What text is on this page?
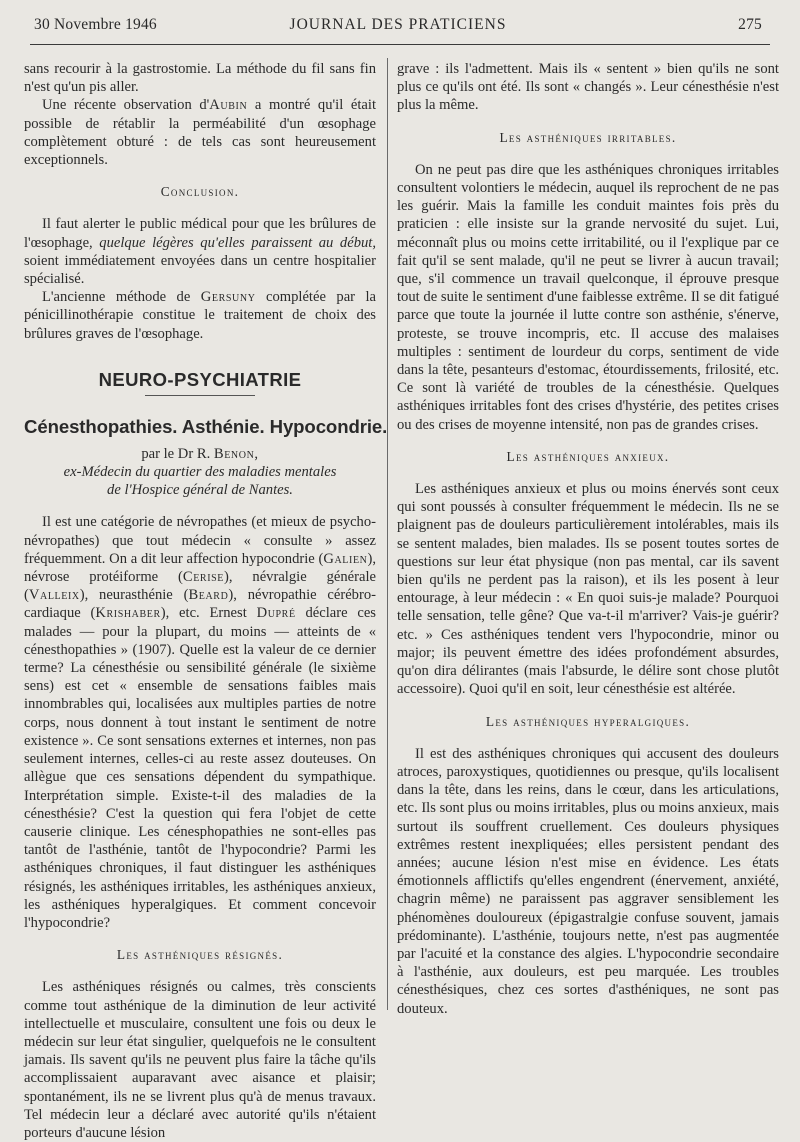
30 Novembre 1946	JOURNAL DES PRATICIENS	275

sans recourir à la gastrostomie. La méthode du fil sans fin n'est qu'un pis aller.

Une récente observation d'Aubin a montré qu'il était possible de rétablir la perméabilité d'un œsophage complètement obturé : de tels cas sont heureusement exceptionnels.

Conclusion.

Il faut alerter le public médical pour que les brûlures de l'œsophage, quelque légères qu'elles paraissent au début, soient immédiatement envoyées dans un centre hospitalier spécialisé.

L'ancienne méthode de Gersuny complétée par la pénicillinothérapie constitue le traitement de choix des brûlures graves de l'œsophage.

NEURO-PSYCHIATRIE

Cénesthopathies. Asthénie. Hypocondrie.

par le Dr R. Benon,

ex-Médecin du quartier des maladies mentales

de l'Hospice général de Nantes.

Il est une catégorie de névropathes (et mieux de psycho-névropathes) que tout médecin « consulte » assez fréquemment. On a dit leur affection hypocondrie (Galien), névrose protéiforme (Cerise), névralgie générale (Valleix), neurasthénie (Beard), névropathie cérébro-cardiaque (Krishaber), etc. Ernest Dupré déclare ces malades — pour la plupart, du moins — atteints de « cénesthopathies » (1907). Quelle est la valeur de ce dernier terme? La cénesthésie ou sensibilité générale (le sixième sens) est cet « ensemble de sensations faibles mais innombrables qui, localisées aux multiples parties de notre corps, nous donnent à tout instant le sentiment de notre existence ». Ce sont sensations externes et internes, non pas seulement internes, celles-ci au reste assez douteuses. On allègue que ces sensations dépendent du sympathique. Interprétation simple. Existe-t-il des maladies de la cénesthésie? C'est la question qui fera l'objet de cette causerie clinique. Les cénesphopathies ne sont-elles pas tantôt de l'asthénie, tantôt de l'hypocondrie? Parmi les asthéniques chroniques, il faut distinguer les asthéniques résignés, les asthéniques irritables, les asthéniques anxieux, les asthéniques hyperalgiques. Et comment concevoir l'hypocondrie?

Les asthéniques résignés.

Les asthéniques résignés ou calmes, très conscients comme tout asthénique de la diminution de leur activité intellectuelle et musculaire, consultent une fois ou deux le médecin sur leur état singulier, quelquefois ne le consultent jamais. Ils savent qu'ils ne peuvent plus faire la tâche qu'ils accomplissaient auparavant avec aisance et plaisir; spontanément, ils ne se livrent plus qu'à de menus travaux. Tel médecin leur a déclaré avec autorité qu'ils n'étaient porteurs d'aucune lésion

grave : ils l'admettent. Mais ils « sentent » bien qu'ils ne sont plus ce qu'ils ont été. Ils sont « changés ». Leur cénesthésie n'est plus la même.

Les asthéniques irritables.

On ne peut pas dire que les asthéniques chroniques irritables consultent volontiers le médecin, auquel ils reprochent de ne pas les guérir. Mais la famille les conduit maintes fois près du praticien : elle insiste sur la grande nervosité du sujet. Lui, méconnaît plus ou moins cette irritabilité, ou il l'explique par ce fait qu'il se sent malade, qu'il ne peut se livrer à aucun travail; que, s'il commence un travail quelconque, il éprouve presque tout de suite le sentiment d'une faiblesse extrême. Il se dit fatigué parce que toute la journée il lutte contre son asthénie, s'énerve, proteste, se trouve incompris, etc. Il accuse des malaises multiples : sentiment de lourdeur du corps, sentiment de vide dans la tête, pesanteurs d'estomac, étourdissements, frilosité, etc. Ce sont là variété de troubles de la cénesthésie. Quelques asthéniques irritables font des crises d'hystérie, des petites crises ou des crises de moyenne intensité, non pas de grandes crises.

Les asthéniques anxieux.

Les asthéniques anxieux et plus ou moins énervés sont ceux qui sont poussés à consulter fréquemment le médecin. Ils ne se plaignent pas de douleurs particulièrement intolérables, mais ils se sentent malades, bien malades. Ils se posent toutes sortes de questions sur leur état physique (non pas mental, car ils savent bien qu'ils ne perdent pas la raison), et ils les posent à leur entourage, à leur médecin : « En quoi suis-je malade? Pourquoi telle sensation, telle gêne? Que va-t-il m'arriver? Vais-je guérir? etc. » Ces asthéniques tendent vers l'hypocondrie, minor ou major; ils peuvent émettre des idées profondément absurdes, qu'on dira délirantes (mais l'absurde, le délire sont chose plutôt accessoire). Quoi qu'il en soit, leur cénesthésie est altérée.

Les asthéniques hyperalgiques.

Il est des asthéniques chroniques qui accusent des douleurs atroces, paroxystiques, quotidiennes ou presque, qu'ils localisent dans la tête, dans les reins, dans le cœur, dans les articulations, etc. Ils sont plus ou moins irritables, plus ou moins anxieux, mais surtout ils souffrent cruellement. Ces douleurs physiques extrêmes restent inexpliquées; elles persistent pendant des années; aucune lésion n'est mise en évidence. Les états émotionnels afflictifs qu'elles engendrent (énervement, anxiété, chagrin même) ne paraissent pas aggraver sensiblement les phénomènes douloureux (épigastralgie confuse souvent, jamais prédominante). L'asthénie, toujours nette, n'est pas augmentée par l'acuité et la constance des algies. L'hypocondrie secondaire à l'asthénie, aux douleurs, est peu marquée. Les troubles cénesthésiques, chez ces sortes d'asthéniques, ne sont pas douteux.
